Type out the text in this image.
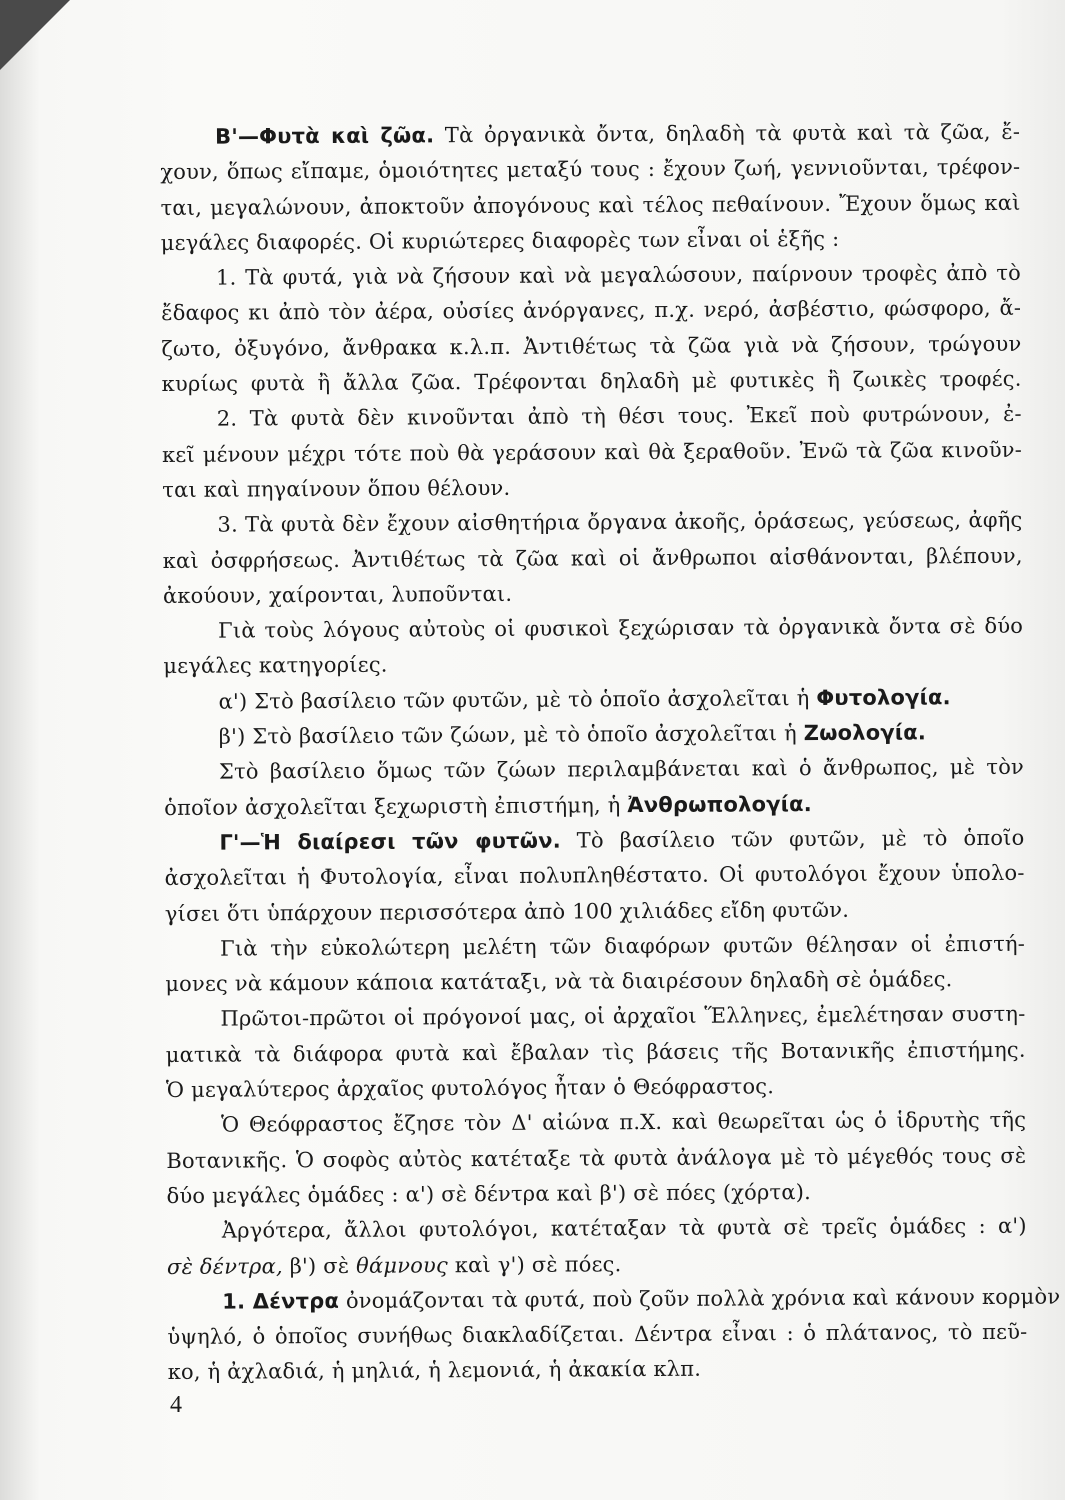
Β'—Φυτὰ καὶ ζῶα. Τὰ ὀργανικὰ ὄντα, δηλαδὴ τὰ φυτὰ καὶ τὰ ζῶα, ἔ-

χουν, ὅπως εἴπαμε, ὁμοιότητες μεταξύ τους : ἔχουν ζωή, γεννιοῦνται, τρέφον-

ται, μεγαλώνουν, ἀποκτοῦν ἀπογόνους καὶ τέλος πεθαίνουν. Ἔχουν ὅμως καὶ

μεγάλες διαφορές. Οἱ κυριώτερες διαφορὲς των εἶναι οἱ ἑξῆς :

1. Τὰ φυτά, γιὰ νὰ ζήσουν καὶ νὰ μεγαλώσουν, παίρνουν τροφὲς ἀπὸ τὸ

ἔδαφος κι ἀπὸ τὸν ἀέρα, οὐσίες ἀνόργανες, π.χ. νερό, ἀσβέστιο, φώσφορο, ἄ-

ζωτο, ὀξυγόνο, ἄνθρακα κ.λ.π. Ἀντιθέτως τὰ ζῶα γιὰ νὰ ζήσουν, τρώγουν

κυρίως φυτὰ ἢ ἄλλα ζῶα. Τρέφονται δηλαδὴ μὲ φυτικὲς ἢ ζωικὲς τροφές.

2. Τὰ φυτὰ δὲν κινοῦνται ἀπὸ τὴ θέσι τους. Ἐκεῖ ποὺ φυτρώνουν, ἐ-

κεῖ μένουν μέχρι τότε ποὺ θὰ γεράσουν καὶ θὰ ξεραθοῦν. Ἐνῶ τὰ ζῶα κινοῦν-

ται καὶ πηγαίνουν ὅπου θέλουν.

3. Τὰ φυτὰ δὲν ἔχουν αἰσθητήρια ὄργανα ἀκοῆς, ὁράσεως, γεύσεως, ἀφῆς

καὶ ὀσφρήσεως. Ἀντιθέτως τὰ ζῶα καὶ οἱ ἄνθρωποι αἰσθάνονται, βλέπουν,

ἀκούουν, χαίρονται, λυποῦνται.

Γιὰ τοὺς λόγους αὐτοὺς οἱ φυσικοὶ ξεχώρισαν τὰ ὀργανικὰ ὄντα σὲ δύο

μεγάλες κατηγορίες.

α') Στὸ βασίλειο τῶν φυτῶν, μὲ τὸ ὁποῖο ἀσχολεῖται ἡ Φυτολογία.

β') Στὸ βασίλειο τῶν ζώων, μὲ τὸ ὁποῖο ἀσχολεῖται ἡ Ζωολογία.

Στὸ βασίλειο ὅμως τῶν ζώων περιλαμβάνεται καὶ ὁ ἄνθρωπος, μὲ τὸν

ὁποῖον ἀσχολεῖται ξεχωριστὴ ἐπιστήμη, ἡ Ἀνθρωπολογία.

Γ'—Ἡ διαίρεσι τῶν φυτῶν. Τὸ βασίλειο τῶν φυτῶν, μὲ τὸ ὁποῖο

ἀσχολεῖται ἡ Φυτολογία, εἶναι πολυπληθέστατο. Οἱ φυτολόγοι ἔχουν ὑπολο-

γίσει ὅτι ὑπάρχουν περισσότερα ἀπὸ 100 χιλιάδες εἴδη φυτῶν.

Γιὰ τὴν εὐκολώτερη μελέτη τῶν διαφόρων φυτῶν θέλησαν οἱ ἐπιστή-

μονες νὰ κάμουν κάποια κατάταξι, νὰ τὰ διαιρέσουν δηλαδὴ σὲ ὁμάδες.

Πρῶτοι-πρῶτοι οἱ πρόγονοί μας, οἱ ἀρχαῖοι Ἕλληνες, ἐμελέτησαν συστη-

ματικὰ τὰ διάφορα φυτὰ καὶ ἔβαλαν τὶς βάσεις τῆς Βοτανικῆς ἐπιστήμης.

Ὁ μεγαλύτερος ἀρχαῖος φυτολόγος ἦταν ὁ Θεόφραστος.

Ὁ Θεόφραστος ἔζησε τὸν Δ' αἰώνα π.Χ. καὶ θεωρεῖται ὡς ὁ ἱδρυτὴς τῆς

Βοτανικῆς. Ὁ σοφὸς αὐτὸς κατέταξε τὰ φυτὰ ἀνάλογα μὲ τὸ μέγεθός τους σὲ

δύο μεγάλες ὁμάδες : α') σὲ δέντρα καὶ β') σὲ πόες (χόρτα).

Ἀργότερα, ἄλλοι φυτολόγοι, κατέταξαν τὰ φυτὰ σὲ τρεῖς ὁμάδες : α')

σὲ δέντρα, β') σὲ θάμνους καὶ γ') σὲ πόες.

1. Δέντρα ὀνομάζονται τὰ φυτά, ποὺ ζοῦν πολλὰ χρόνια καὶ κάνουν κορμὸν

ὑψηλό, ὁ ὁποῖος συνήθως διακλαδίζεται. Δέντρα εἶναι : ὁ πλάτανος, τὸ πεῦ-

κο, ἡ ἀχλαδιά, ἡ μηλιά, ἡ λεμονιά, ἡ ἀκακία κλπ.

4
